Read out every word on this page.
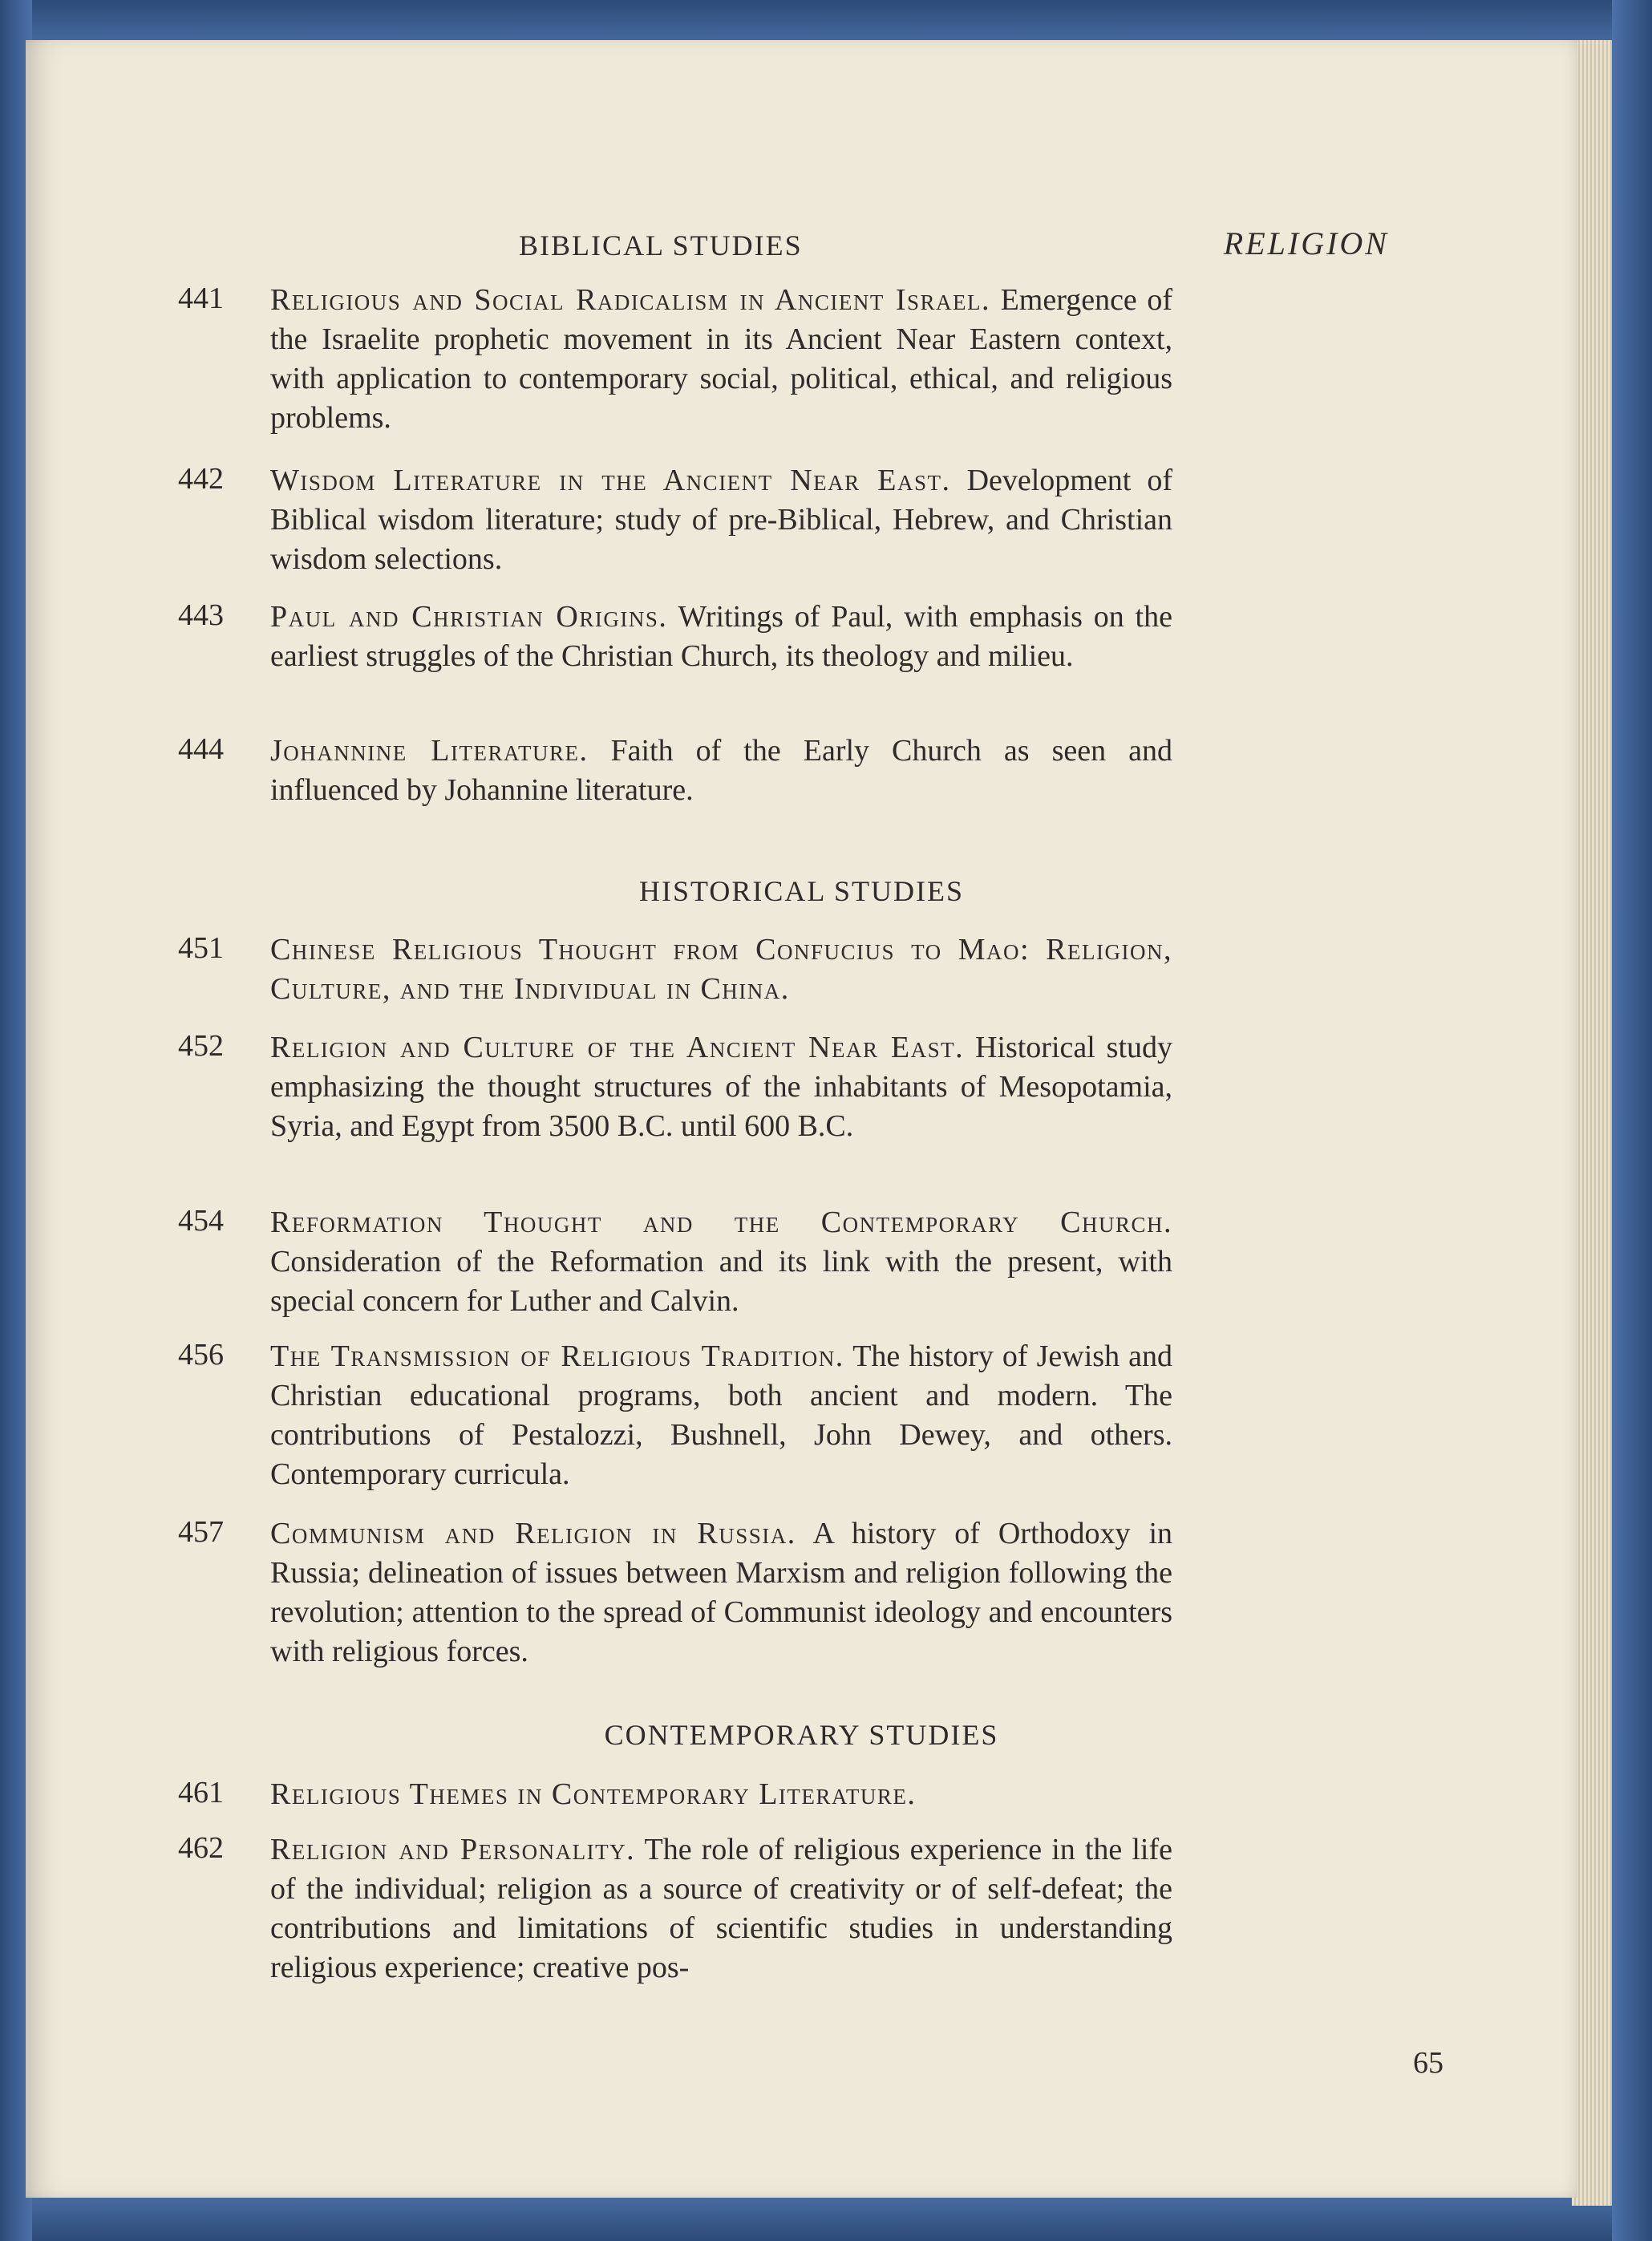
BIBLICAL STUDIES	RELIGION
441 Religious and Social Radicalism in Ancient Israel. Emergence of the Israelite prophetic movement in its Ancient Near Eastern context, with application to contemporary social, political, ethical, and religious problems.
442 Wisdom Literature in the Ancient Near East. Development of Biblical wisdom literature; study of pre-Biblical, Hebrew, and Christian wisdom selections.
443 Paul and Christian Origins. Writings of Paul, with emphasis on the earliest struggles of the Christian Church, its theology and milieu.
444 Johannine Literature. Faith of the Early Church as seen and influenced by Johannine literature.
HISTORICAL STUDIES
451 Chinese Religious Thought from Confucius to Mao: Religion, Culture, and the Individual in China.
452 Religion and Culture of the Ancient Near East. Historical study emphasizing the thought structures of the inhabitants of Mesopotamia, Syria, and Egypt from 3500 B.C. until 600 B.C.
454 Reformation Thought and the Contemporary Church. Consideration of the Reformation and its link with the present, with special concern for Luther and Calvin.
456 The Transmission of Religious Tradition. The history of Jewish and Christian educational programs, both ancient and modern. The contributions of Pestalozzi, Bushnell, John Dewey, and others. Contemporary curricula.
457 Communism and Religion in Russia. A history of Orthodoxy in Russia; delineation of issues between Marxism and religion following the revolution; attention to the spread of Communist ideology and encounters with religious forces.
CONTEMPORARY STUDIES
461 Religious Themes in Contemporary Literature.
462 Religion and Personality. The role of religious experience in the life of the individual; religion as a source of creativity or of self-defeat; the contributions and limitations of scientific studies in understanding religious experience; creative pos-
65
